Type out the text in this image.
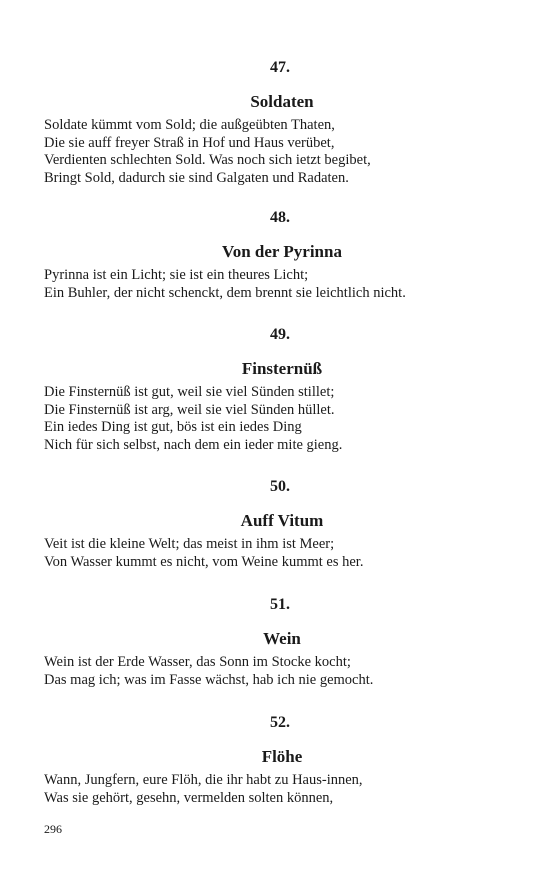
47.

Soldaten

Soldate kümmt vom Sold; die außgeübten Thaten,
Die sie auff freyer Straß in Hof und Haus verübet,
Verdienten schlechten Sold. Was noch sich ietzt begibet,
Bringt Sold, dadurch sie sind Galgaten und Radaten.

48.

Von der Pyrinna

Pyrinna ist ein Licht; sie ist ein theures Licht;
Ein Buhler, der nicht schenckt, dem brennt sie leichtlich nicht.

49.

Finsternüß

Die Finsternüß ist gut, weil sie viel Sünden stillet;
Die Finsternüß ist arg, weil sie viel Sünden hüllet.
Ein iedes Ding ist gut, bös ist ein iedes Ding
Nich für sich selbst, nach dem ein ieder mite gieng.

50.

Auff Vitum

Veit ist die kleine Welt; das meist in ihm ist Meer;
Von Wasser kummt es nicht, vom Weine kummt es her.

51.

Wein

Wein ist der Erde Wasser, das Sonn im Stocke kocht;
Das mag ich; was im Fasse wächst, hab ich nie gemocht.

52.

Flöhe

Wann, Jungfern, eure Flöh, die ihr habt zu Haus-innen,
Was sie gehört, gesehn, vermelden solten können,
296
